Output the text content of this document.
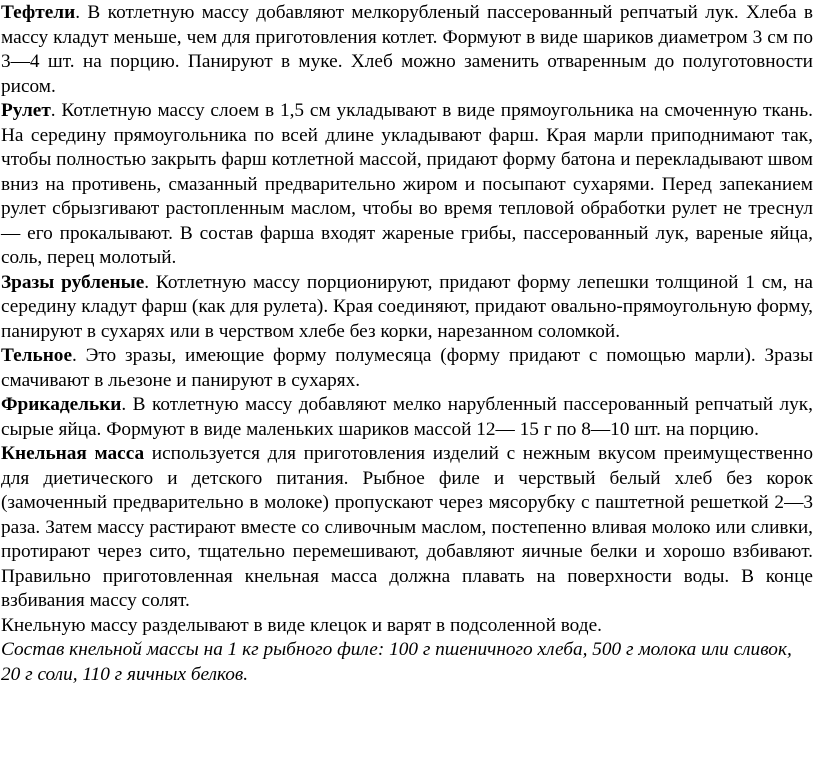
Тефтели. В котлетную массу добавляют мелкорубленый пассерованный репчатый лук. Хлеба в массу кладут меньше, чем для приготовления котлет. Формуют в виде шариков диаметром 3 см по 3—4 шт. на порцию. Панируют в муке. Хлеб можно заменить отваренным до полуготовности рисом.

Рулет. Котлетную массу слоем в 1,5 см укладывают в виде прямоугольника на смоченную ткань. На середину прямоугольника по всей длине укладывают фарш. Края марли приподнимают так, чтобы полностью закрыть фарш котлетной массой, придают форму батона и перекладывают швом вниз на противень, смазанный предварительно жиром и посыпают сухарями. Перед запеканием рулет сбрызгивают растопленным маслом, чтобы во время тепловой обработки рулет не треснул — его прокалывают. В состав фарша входят жареные грибы, пассерованный лук, вареные яйца, соль, перец молотый.

Зразы рубленые. Котлетную массу порционируют, придают форму лепешки толщиной 1 см, на середину кладут фарш (как для рулета). Края соединяют, придают овально-прямоугольную форму, панируют в сухарях или в черством хлебе без корки, нарезанном соломкой.

Тельное. Это зразы, имеющие форму полумесяца (форму придают с помощью марли). Зразы смачивают в льезоне и панируют в сухарях.

Фрикадельки. В котлетную массу добавляют мелко нарубленный пассерованный репчатый лук, сырые яйца. Формуют в виде маленьких шариков массой 12— 15 г по 8—10 шт. на порцию.

Кнельная масса используется для приготовления изделий с нежным вкусом преимущественно для диетического и детского питания. Рыбное филе и черствый белый хлеб без корок (замоченный предварительно в молоке) пропускают через мясорубку с паштетной решеткой 2—3 раза. Затем массу растирают вместе со сливочным маслом, постепенно вливая молоко или сливки, протирают через сито, тщательно перемешивают, добавляют яичные белки и хорошо взбивают. Правильно приготовленная кнельная масса должна плавать на поверхности воды. В конце взбивания массу солят.

Кнельную массу разделывают в виде клецок и варят в подсоленной воде.

Состав кнельной массы на 1 кг рыбного филе: 100 г пшеничного хлеба, 500 г молока или сливок, 20 г соли, 110 г яичных белков.
